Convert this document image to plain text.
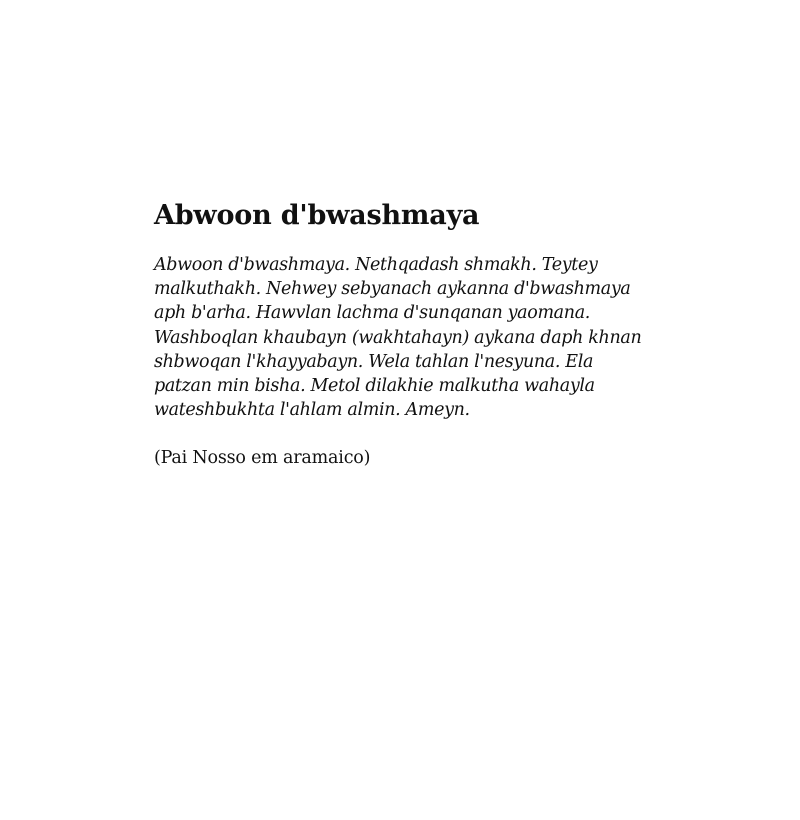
Abwoon d'bwashmaya

Abwoon d'bwashmaya. Nethqadash shmakh. Teytey malkuthakh. Nehwey sebyanach aykanna d'bwashmaya aph b'arha. Hawvlan lachma d'sunqanan yaomana. Washboqlan khaubayn (wakhtahayn) aykana daph khnan shbwoqan l'khayyabayn. Wela tahlan l'nesyuna. Ela patzan min bisha. Metol dilakhie malkutha wahayla wateshbukhta l'ahlam almin. Ameyn.

(Pai Nosso em aramaico)
